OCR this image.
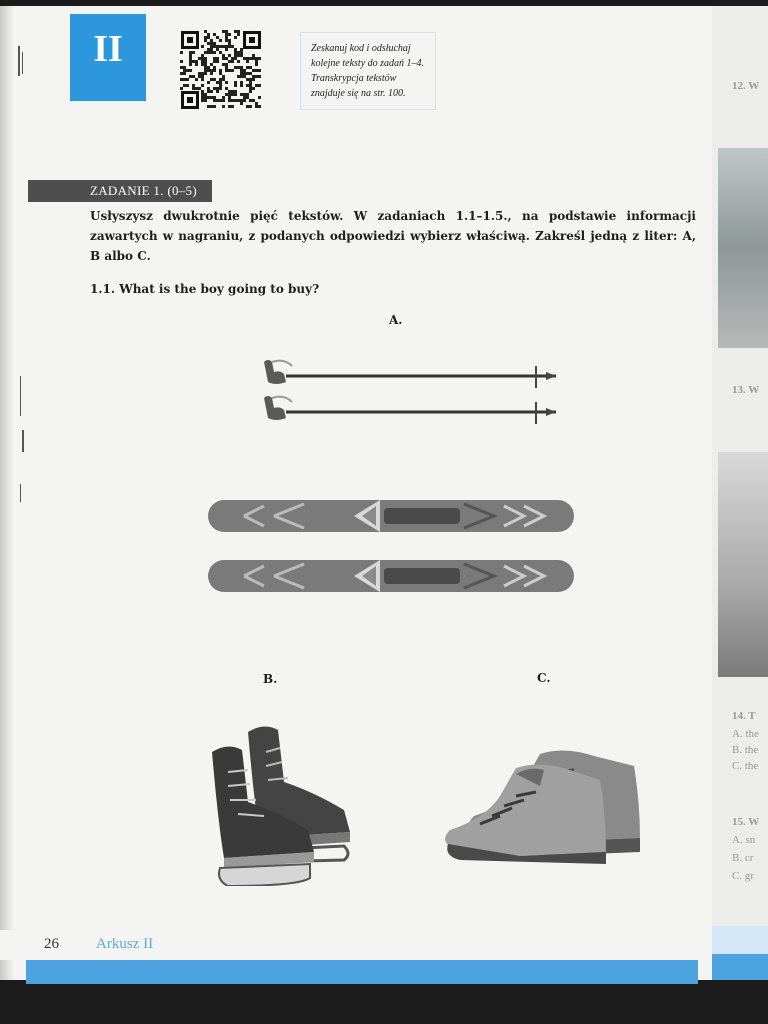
12. W
13. W
14. T
A. the
B. the
C. the
15. W
A. sn
B. cr
C. gr
II	Zeskanuj kod i odsłuchaj kolejne teksty do zadań 1–4. Transkrypcja tekstów znajduje się na str. 100.
ZADANIE 1. (0–5)
Usłyszysz dwukrotnie pięć tekstów. W zadaniach 1.1–1.5., na podstawie informacji zawartych w nagraniu, z podanych odpowiedzi wybierz właściwą. Zakreśl jedną z liter: A, B albo C.
1.1. What is the boy going to buy?
A.
B.	C.
26 Arkusz II
